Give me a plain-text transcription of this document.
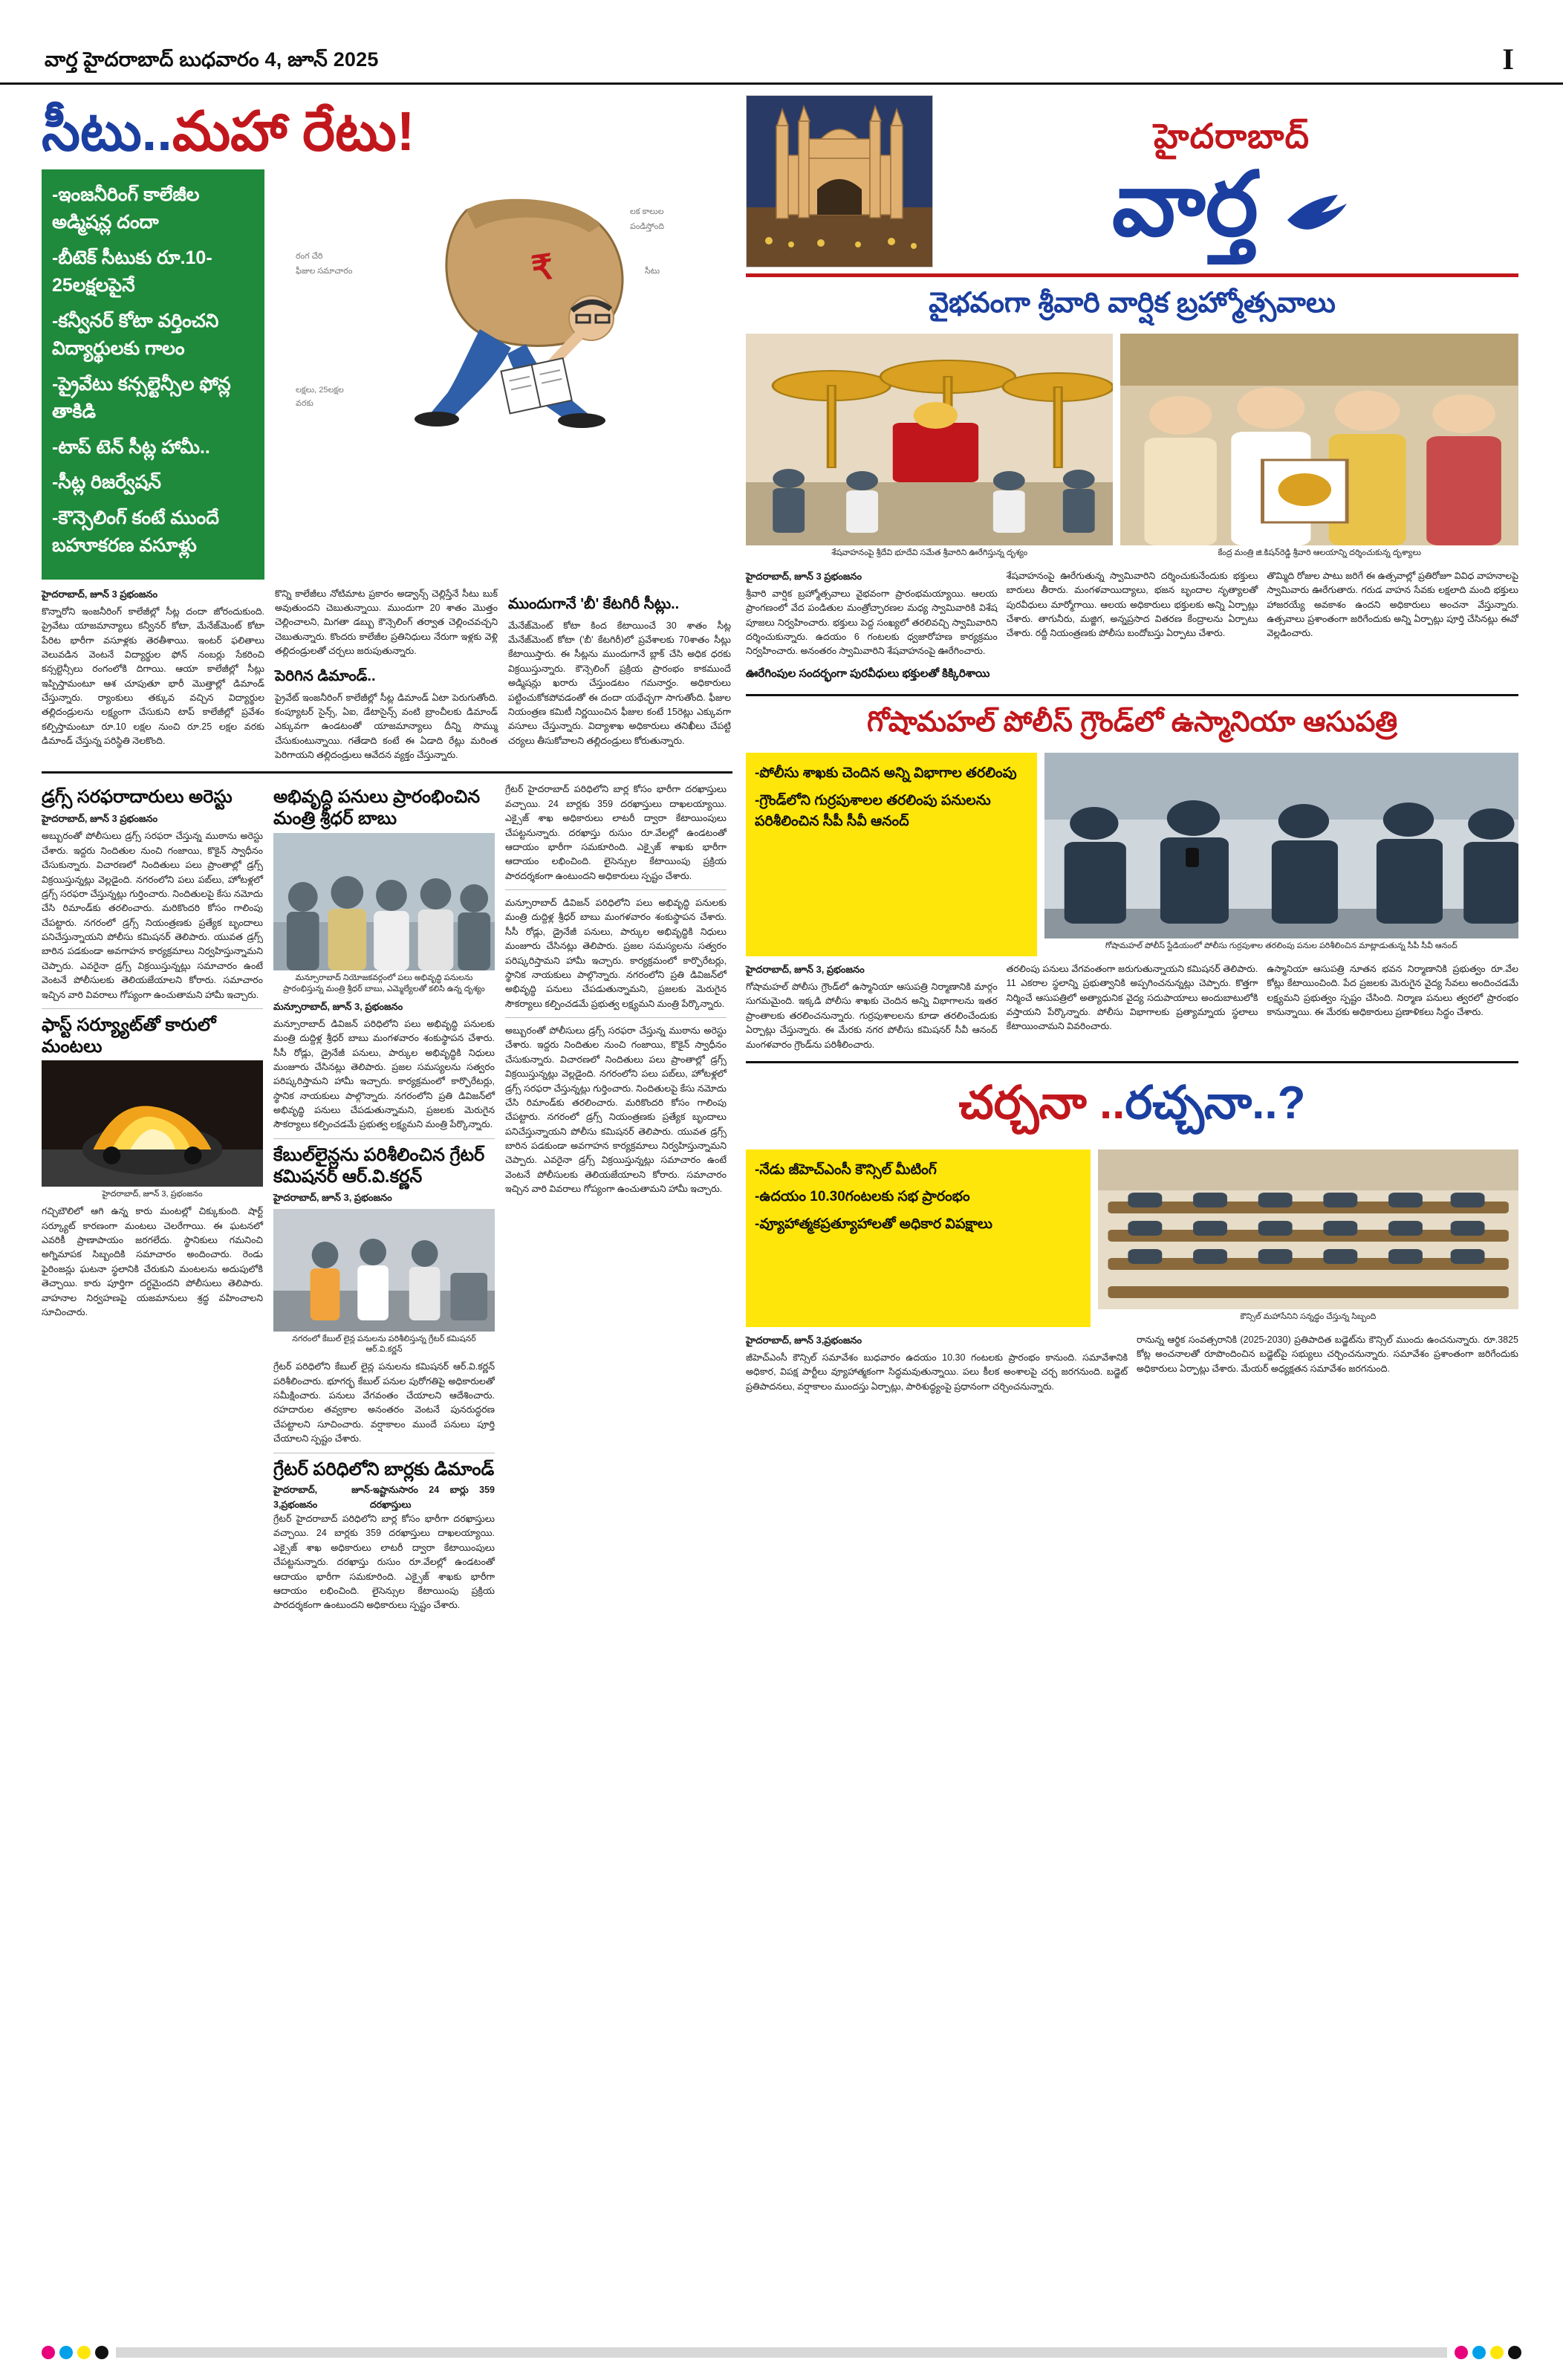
వార్త హైదరాబాద్ బుధవారం 4, జూన్ 2025	I
సీటు..మహా రేటు!
-ఇంజనీరింగ్ కాలేజీల అడ్మిషన్ల దందా
-బీటెక్ సీటుకు రూ.10-25లక్షలపైనే
-కన్వీనర్ కోటా వర్తించని విద్యార్థులకు గాలం
-ప్రైవేటు కన్సల్టెన్సీల ఫోన్ల తాకిడి
-టాప్ టెన్ సీట్ల హామీ..
-సీట్ల రిజర్వేషన్
-కౌన్సెలింగ్ కంటే ముందే బహూకరణ వసూళ్లు
₹
రంగ చేరి
ఫీజుల సమాచారం
లక్షలు, 25లక్షల
వరకు
లక కాలుల
పండిస్తోంది
సీటు
హైదరాబాద్, జూన్ 3 ప్రభంజనం
కొన్నారోని ఇంజనీరింగ్ కాలేజీల్లో సీట్ల దందా జోరందుకుంది. ప్రైవేటు యాజమాన్యాలు కన్వీనర్ కోటా, మేనేజ్‌మెంట్ కోటా పేరిట భారీగా వసూళ్లకు తెరతీశాయి. ఇంటర్ ఫలితాలు వెలువడిన వెంటనే విద్యార్థుల ఫోన్ నంబర్లు సేకరించి కన్సల్టెన్సీలు రంగంలోకి దిగాయి. ఆయా కాలేజీల్లో సీట్లు ఇప్పిస్తామంటూ ఆశ చూపుతూ భారీ మొత్తాల్లో డిమాండ్ చేస్తున్నారు. ర్యాంకులు తక్కువ వచ్చిన విద్యార్థుల తల్లిదండ్రులను లక్ష్యంగా చేసుకుని టాప్ కాలేజీల్లో ప్రవేశం కల్పిస్తామంటూ రూ.10 లక్షల నుంచి రూ.25 లక్షల వరకు డిమాండ్ చేస్తున్న పరిస్థితి నెలకొంది.
కొన్ని కాలేజీలు నోటిమాట ప్రకారం అడ్వాన్స్ చెల్లిస్తేనే సీటు బుక్ అవుతుందని చెబుతున్నాయి. ముందుగా 20 శాతం మొత్తం చెల్లించాలని, మిగతా డబ్బు కౌన్సెలింగ్ తర్వాత చెల్లించవచ్చని చెబుతున్నారు. కొందరు కాలేజీల ప్రతినిధులు నేరుగా ఇళ్లకు వెళ్లి తల్లిదండ్రులతో చర్చలు జరుపుతున్నారు.
పెరిగిన డిమాండ్..
ప్రైవేట్ ఇంజనీరింగ్ కాలేజీల్లో సీట్ల డిమాండ్ ఏటా పెరుగుతోంది. కంప్యూటర్ సైన్స్, ఏఐ, డేటాసైన్స్ వంటి బ్రాంచీలకు డిమాండ్ ఎక్కువగా ఉండటంతో యాజమాన్యాలు దీన్ని సొమ్ము చేసుకుంటున్నాయి. గతేడాది కంటే ఈ ఏడాది రేట్లు మరింత పెరిగాయని తల్లిదండ్రులు ఆవేదన వ్యక్తం చేస్తున్నారు.
ముందుగానే 'బీ' కేటగిరీ సీట్లు..
మేనేజ్‌మెంట్ కోటా కింద కేటాయించే 30 శాతం సీట్ల మేనేజ్‌మెంట్ కోటా ('బీ' కేటగిరీ)లో ప్రవేశాలకు 70శాతం సీట్లు కేటాయిస్తారు. ఈ సీట్లను ముందుగానే బ్లాక్ చేసి అధిక ధరకు విక్రయిస్తున్నారు. కౌన్సెలింగ్ ప్రక్రియ ప్రారంభం కాకముందే అడ్మిషన్లు ఖరారు చేస్తుండటం గమనార్హం. అధికారులు పట్టించుకోకపోవడంతో ఈ దందా యథేచ్ఛగా సాగుతోంది. ఫీజుల నియంత్రణ కమిటీ నిర్ణయించిన ఫీజుల కంటే 15రెట్లు ఎక్కువగా వసూలు చేస్తున్నారు. విద్యాశాఖ అధికారులు తనిఖీలు చేపట్టి చర్యలు తీసుకోవాలని తల్లిదండ్రులు కోరుతున్నారు.
డ్రగ్స్ సరఫరాదారులు అరెస్టు
హైదరాబాద్, జూన్ 3 ప్రభంజనం
అబ్బురంతో పోలీసులు డ్రగ్స్ సరఫరా చేస్తున్న ముఠాను అరెస్టు చేశారు. ఇద్దరు నిందితుల నుంచి గంజాయి, కొకైన్ స్వాధీనం చేసుకున్నారు. విచారణలో నిందితులు పలు ప్రాంతాల్లో డ్రగ్స్ విక్రయిస్తున్నట్లు వెల్లడైంది. నగరంలోని పలు పబ్‌లు, హోటళ్లలో డ్రగ్స్ సరఫరా చేస్తున్నట్లు గుర్తించారు. నిందితులపై కేసు నమోదు చేసి రిమాండ్‌కు తరలించారు. మరికొందరి కోసం గాలింపు చేపట్టారు. నగరంలో డ్రగ్స్ నియంత్రణకు ప్రత్యేక బృందాలు పనిచేస్తున్నాయని పోలీసు కమిషనర్ తెలిపారు. యువత డ్రగ్స్ బారిన పడకుండా అవగాహన కార్యక్రమాలు నిర్వహిస్తున్నామని చెప్పారు. ఎవరైనా డ్రగ్స్ విక్రయిస్తున్నట్లు సమాచారం ఉంటే వెంటనే పోలీసులకు తెలియజేయాలని కోరారు. సమాచారం ఇచ్చిన వారి వివరాలు గోప్యంగా ఉంచుతామని హామీ ఇచ్చారు.
ఫాస్ట్ సర్య్యూట్‌తో కారులో మంటలు
హైదరాబాద్, జూన్ 3, ప్రభంజనం
గచ్చిబౌలిలో ఆగి ఉన్న కారు మంటల్లో చిక్కుకుంది. షార్ట్ సర్క్యూట్ కారణంగా మంటలు చెలరేగాయి. ఈ ఘటనలో ఎవరికీ ప్రాణాపాయం జరగలేదు. స్థానికులు గమనించి అగ్నిమాపక సిబ్బందికి సమాచారం అందించారు. రెండు ఫైరింజన్లు ఘటనా స్థలానికి చేరుకుని మంటలను అదుపులోకి తెచ్చాయి. కారు పూర్తిగా దగ్ధమైందని పోలీసులు తెలిపారు. వాహనాల నిర్వహణపై యజమానులు శ్రద్ధ వహించాలని సూచించారు.
అభివృద్ధి పనులు ప్రారంభించిన మంత్రి శ్రీధర్ బాబు
మన్సూరాబాద్ నియోజకవర్గంలో పలు అభివృద్ధి పనులను ప్రారంభిస్తున్న మంత్రి శ్రీధర్ బాబు, ఎమ్మెల్యేలతో కలిసి ఉన్న దృశ్యం
మన్సూరాబాద్, జూన్ 3, ప్రభంజనం
మన్సూరాబాద్ డివిజన్ పరిధిలోని పలు అభివృద్ధి పనులకు మంత్రి దుద్దిళ్ల శ్రీధర్ బాబు మంగళవారం శంకుస్థాపన చేశారు. సీసీ రోడ్లు, డ్రైనేజీ పనులు, పార్కుల అభివృద్ధికి నిధులు మంజూరు చేసినట్లు తెలిపారు. ప్రజల సమస్యలను సత్వరం పరిష్కరిస్తామని హామీ ఇచ్చారు. కార్యక్రమంలో కార్పొరేటర్లు, స్థానిక నాయకులు పాల్గొన్నారు. నగరంలోని ప్రతి డివిజన్‌లో అభివృద్ధి పనులు చేపడుతున్నామని, ప్రజలకు మెరుగైన సౌకర్యాలు కల్పించడమే ప్రభుత్వ లక్ష్యమని మంత్రి పేర్కొన్నారు.
కేబుల్‌లైన్లను పరిశీలించిన గ్రేటర్ కమిషనర్ ఆర్.వి.కర్ణన్
హైదరాబాద్, జూన్ 3, ప్రభంజనం
నగరంలో కేబుల్ లైన్ల పనులను పరిశీలిస్తున్న గ్రేటర్ కమిషనర్ ఆర్.వి.కర్ణన్
గ్రేటర్ పరిధిలోని కేబుల్ లైన్ల పనులను కమిషనర్ ఆర్.వి.కర్ణన్ పరిశీలించారు. భూగర్భ కేబుల్ పనుల పురోగతిపై అధికారులతో సమీక్షించారు. పనులు వేగవంతం చేయాలని ఆదేశించారు. రహదారుల తవ్వకాల అనంతరం వెంటనే పునరుద్ధరణ చేపట్టాలని సూచించారు. వర్షాకాలం ముందే పనులు పూర్తి చేయాలని స్పష్టం చేశారు.
గ్రేటర్ పరిధిలోని బార్లకు డిమాండ్
హైదరాబాద్, జూన్ 3,ప్రభంజనం
-ఇష్టానుసారం 24 బార్లు 359 దరఖాస్తులు
గ్రేటర్ హైదరాబాద్ పరిధిలోని బార్ల కోసం భారీగా దరఖాస్తులు వచ్చాయి. 24 బార్లకు 359 దరఖాస్తులు దాఖలయ్యాయి. ఎక్సైజ్ శాఖ అధికారులు లాటరీ ద్వారా కేటాయింపులు చేపట్టనున్నారు. దరఖాస్తు రుసుం రూ.వేలల్లో ఉండటంతో ఆదాయం భారీగా సమకూరింది. ఎక్సైజ్ శాఖకు భారీగా ఆదాయం లభించింది. లైసెన్సుల కేటాయింపు ప్రక్రియ పారదర్శకంగా ఉంటుందని అధికారులు స్పష్టం చేశారు.
గ్రేటర్ హైదరాబాద్ పరిధిలోని బార్ల కోసం భారీగా దరఖాస్తులు వచ్చాయి. 24 బార్లకు 359 దరఖాస్తులు దాఖలయ్యాయి. ఎక్సైజ్ శాఖ అధికారులు లాటరీ ద్వారా కేటాయింపులు చేపట్టనున్నారు. దరఖాస్తు రుసుం రూ.వేలల్లో ఉండటంతో ఆదాయం భారీగా సమకూరింది. ఎక్సైజ్ శాఖకు భారీగా ఆదాయం లభించింది. లైసెన్సుల కేటాయింపు ప్రక్రియ పారదర్శకంగా ఉంటుందని అధికారులు స్పష్టం చేశారు.
మన్సూరాబాద్ డివిజన్ పరిధిలోని పలు అభివృద్ధి పనులకు మంత్రి దుద్దిళ్ల శ్రీధర్ బాబు మంగళవారం శంకుస్థాపన చేశారు. సీసీ రోడ్లు, డ్రైనేజీ పనులు, పార్కుల అభివృద్ధికి నిధులు మంజూరు చేసినట్లు తెలిపారు. ప్రజల సమస్యలను సత్వరం పరిష్కరిస్తామని హామీ ఇచ్చారు. కార్యక్రమంలో కార్పొరేటర్లు, స్థానిక నాయకులు పాల్గొన్నారు. నగరంలోని ప్రతి డివిజన్‌లో అభివృద్ధి పనులు చేపడుతున్నామని, ప్రజలకు మెరుగైన సౌకర్యాలు కల్పించడమే ప్రభుత్వ లక్ష్యమని మంత్రి పేర్కొన్నారు.
అబ్బురంతో పోలీసులు డ్రగ్స్ సరఫరా చేస్తున్న ముఠాను అరెస్టు చేశారు. ఇద్దరు నిందితుల నుంచి గంజాయి, కొకైన్ స్వాధీనం చేసుకున్నారు. విచారణలో నిందితులు పలు ప్రాంతాల్లో డ్రగ్స్ విక్రయిస్తున్నట్లు వెల్లడైంది. నగరంలోని పలు పబ్‌లు, హోటళ్లలో డ్రగ్స్ సరఫరా చేస్తున్నట్లు గుర్తించారు. నిందితులపై కేసు నమోదు చేసి రిమాండ్‌కు తరలించారు. మరికొందరి కోసం గాలింపు చేపట్టారు. నగరంలో డ్రగ్స్ నియంత్రణకు ప్రత్యేక బృందాలు పనిచేస్తున్నాయని పోలీసు కమిషనర్ తెలిపారు. యువత డ్రగ్స్ బారిన పడకుండా అవగాహన కార్యక్రమాలు నిర్వహిస్తున్నామని చెప్పారు. ఎవరైనా డ్రగ్స్ విక్రయిస్తున్నట్లు సమాచారం ఉంటే వెంటనే పోలీసులకు తెలియజేయాలని కోరారు. సమాచారం ఇచ్చిన వారి వివరాలు గోప్యంగా ఉంచుతామని హామీ ఇచ్చారు.
హైదరాబాద్
వార్త
వైభవంగా శ్రీవారి వార్షిక బ్రహ్మోత్సవాలు
శేషవాహనంపై శ్రీదేవి భూదేవి సమేత శ్రీవారిని ఊరేగిస్తున్న దృశ్యం	కేంద్ర మంత్రి జి.కిషన్‌రెడ్డి శ్రీవారి ఆలయాన్ని దర్శించుకున్న దృశ్యాలు
హైదరాబాద్, జూన్ 3 ప్రభంజనం
శ్రీవారి వార్షిక బ్రహ్మోత్సవాలు వైభవంగా ప్రారంభమయ్యాయి. ఆలయ ప్రాంగణంలో వేద పండితుల మంత్రోచ్ఛారణల మధ్య స్వామివారికి విశేష పూజలు నిర్వహించారు. భక్తులు పెద్ద సంఖ్యలో తరలివచ్చి స్వామివారిని దర్శించుకున్నారు. ఉదయం 6 గంటలకు ధ్వజారోహణ కార్యక్రమం నిర్వహించారు. అనంతరం స్వామివారిని శేషవాహనంపై ఊరేగించారు.
ఊరేగింపుల సందర్భంగా పురవీధులు భక్తులతో కిక్కిరిశాయి
శేషవాహనంపై ఊరేగుతున్న స్వామివారిని దర్శించుకునేందుకు భక్తులు బారులు తీరారు. మంగళవాయిద్యాలు, భజన బృందాల నృత్యాలతో పురవీధులు మార్మోగాయి. ఆలయ అధికారులు భక్తులకు అన్ని ఏర్పాట్లు చేశారు. తాగునీరు, మజ్జిగ, అన్నప్రసాద వితరణ కేంద్రాలను ఏర్పాటు చేశారు. రద్దీ నియంత్రణకు పోలీసు బందోబస్తు ఏర్పాటు చేశారు.
తొమ్మిది రోజుల పాటు జరిగే ఈ ఉత్సవాల్లో ప్రతిరోజూ వివిధ వాహనాలపై స్వామివారు ఊరేగుతారు. గరుడ వాహన సేవకు లక్షలాది మంది భక్తులు హాజరయ్యే అవకాశం ఉందని అధికారులు అంచనా వేస్తున్నారు. ఉత్సవాలు ప్రశాంతంగా జరిగేందుకు అన్ని ఏర్పాట్లు పూర్తి చేసినట్లు ఈవో వెల్లడించారు.
గోషామహల్ పోలీస్ గ్రౌండ్‌లో ఉస్మానియా ఆసుపత్రి
-పోలీసు శాఖకు చెందిన అన్ని విభాగాల తరలింపు
-గ్రౌండ్‌లోని గుర్రపుశాలల తరలింపు పనులను పరిశీలించిన సీపీ సీవీ ఆనంద్
గోషామహల్ పోలీస్ స్టేడియంలో పోలీసు గుర్రపుశాల తరలింపు పనుల పరిశీలించిన మాట్లాడుతున్న సీపీ సీవీ ఆనంద్
హైదరాబాద్, జూన్ 3, ప్రభంజనం
గోషామహల్ పోలీసు గ్రౌండ్‌లో ఉస్మానియా ఆసుపత్రి నిర్మాణానికి మార్గం సుగమమైంది. ఇక్కడి పోలీసు శాఖకు చెందిన అన్ని విభాగాలను ఇతర ప్రాంతాలకు తరలించనున్నారు. గుర్రపుశాలలను కూడా తరలించేందుకు ఏర్పాట్లు చేస్తున్నారు. ఈ మేరకు నగర పోలీసు కమిషనర్ సీవీ ఆనంద్ మంగళవారం గ్రౌండ్‌ను పరిశీలించారు.
తరలింపు పనులు వేగవంతంగా జరుగుతున్నాయని కమిషనర్ తెలిపారు. 11 ఎకరాల స్థలాన్ని ప్రభుత్వానికి అప్పగించనున్నట్లు చెప్పారు. కొత్తగా నిర్మించే ఆసుపత్రిలో అత్యాధునిక వైద్య సదుపాయాలు అందుబాటులోకి వస్తాయని పేర్కొన్నారు. పోలీసు విభాగాలకు ప్రత్యామ్నాయ స్థలాలు కేటాయించామని వివరించారు.
ఉస్మానియా ఆసుపత్రి నూతన భవన నిర్మాణానికి ప్రభుత్వం రూ.వేల కోట్లు కేటాయించింది. పేద ప్రజలకు మెరుగైన వైద్య సేవలు అందించడమే లక్ష్యమని ప్రభుత్వం స్పష్టం చేసింది. నిర్మాణ పనులు త్వరలో ప్రారంభం కానున్నాయి. ఈ మేరకు అధికారులు ప్రణాళికలు సిద్ధం చేశారు.
చర్చనా ..రచ్చనా..?
-నేడు జీహెచ్ఎంసీ కౌన్సిల్ మీటింగ్
-ఉదయం 10.30గంటలకు సభ ప్రారంభం
-వ్యూహాత్మకప్రత్యూహాలతో అధికార విపక్షాలు
కౌన్సిల్ మహాసేనిని సన్నద్ధం చేస్తున్న సిబ్బంది
హైదరాబాద్, జూన్ 3,ప్రభంజనం
జీహెచ్ఎంసీ కౌన్సిల్ సమావేశం బుధవారం ఉదయం 10.30 గంటలకు ప్రారంభం కానుంది. సమావేశానికి అధికార, విపక్ష పార్టీలు వ్యూహాత్మకంగా సిద్ధమవుతున్నాయి. పలు కీలక అంశాలపై చర్చ జరగనుంది. బడ్జెట్ ప్రతిపాదనలు, వర్షాకాలం ముందస్తు ఏర్పాట్లు, పారిశుద్ధ్యంపై ప్రధానంగా చర్చించనున్నారు.
రానున్న ఆర్థిక సంవత్సరానికి (2025-2030) ప్రతిపాదిత బడ్జెట్‌ను కౌన్సిల్ ముందు ఉంచనున్నారు. రూ.3825 కోట్ల అంచనాలతో రూపొందించిన బడ్జెట్‌పై సభ్యులు చర్చించనున్నారు. సమావేశం ప్రశాంతంగా జరిగేందుకు అధికారులు ఏర్పాట్లు చేశారు. మేయర్ అధ్యక్షతన సమావేశం జరగనుంది.
